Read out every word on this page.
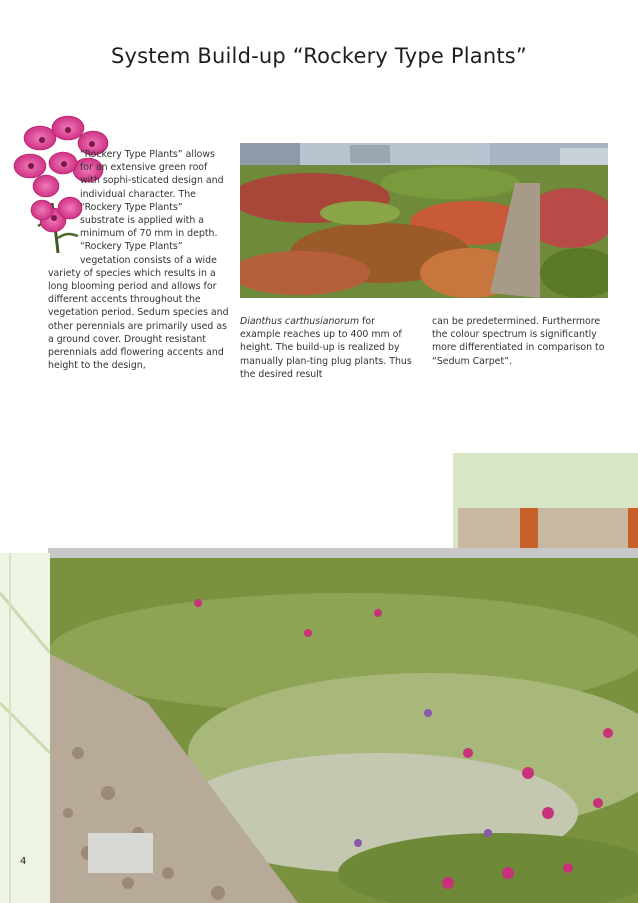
System Build-up “Rockery Type Plants”

“Rockery Type Plants” allows for an extensive green roof with sophi-sticated design and individual character. The “Rockery Type Plants” substrate is applied with a minimum of 70 mm in depth. “Rockery Type Plants” vegetation consists of a wide variety of species which results in a long blooming period and allows for different accents throughout the vegetation period. Sedum species and other perennials are primarily used as a ground cover. Drought resistant perennials add flowering accents and height to the design,

Dianthus carthusianorum for example reaches up to 400 mm of height. The build-up is realized by manually plan-ting plug plants. Thus the desired result

can be predetermined. Furthermore the colour spectrum is significantly more differentiated in comparison to “Sedum Carpet”.

4
